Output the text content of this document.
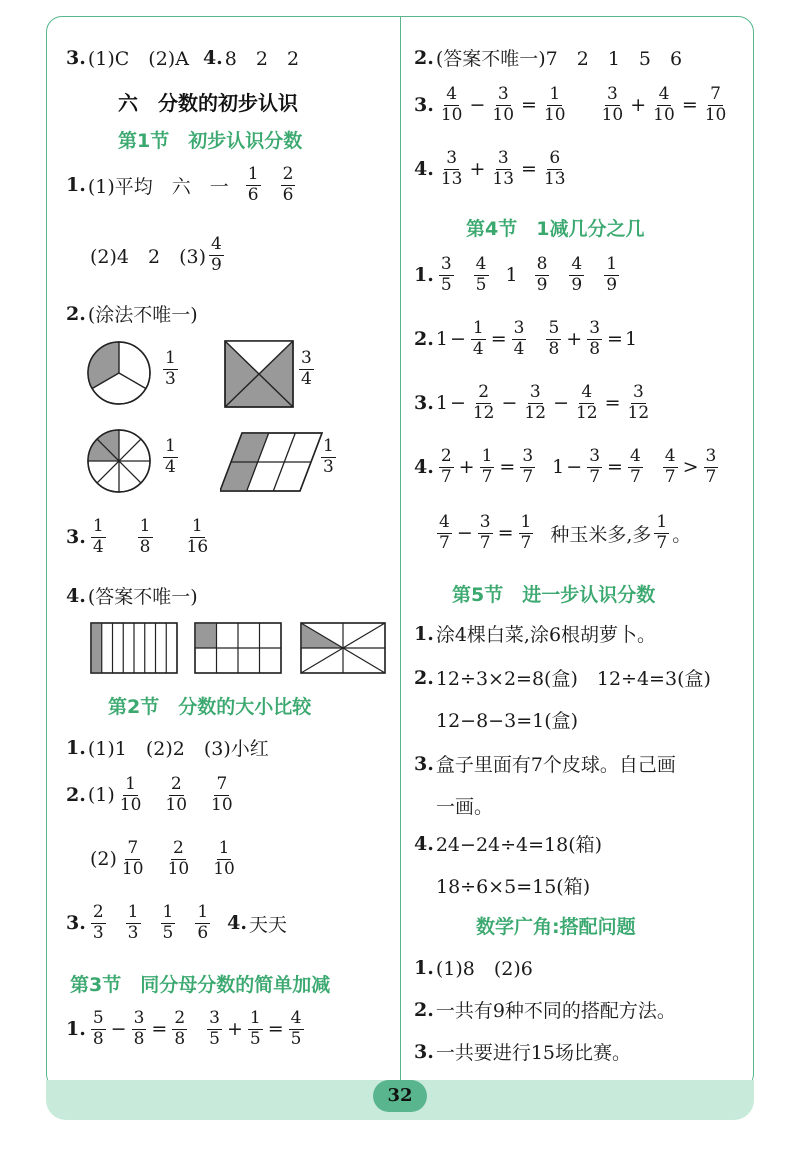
32
3. (1)C　(2)A 4. 8　2　2
六　分数的初步认识
第1节　初步认识分数
1. (1)平均　六　一 $\frac{1}{6} \frac{2}{6}$
(2)4　2　$(3) \frac{4}{9}$
2. (涂法不唯一)
$\frac{1}{3}$	$\frac{3}{4}$
$\frac{1}{4}$	$\frac{1}{3}$
3. $\frac{1}{4} \frac{1}{8} \frac{1}{16}$
4. (答案不唯一)
第2节　分数的大小比较
1. (1)1　(2)2　(3)小红
2. $(1) \frac{1}{10} \frac{2}{10} \frac{7}{10}$
$(2) \frac{7}{10} \frac{2}{10} \frac{1}{10}$
3. $\frac{2}{3} \frac{1}{3} \frac{1}{5} \frac{1}{6} 4$. 天天
第3节　同分母分数的简单加减
1. $\frac{5}{8} - \frac{3}{8} = \frac{2}{8} \frac{3}{5} + \frac{1}{5} = \frac{4}{5}$
2. (答案不唯一)7　2　1　5　6
3. $\frac{4}{10} - \frac{3}{10} = \frac{1}{10} \frac{3}{10} + \frac{4}{10} = \frac{7}{10}$
4. $\frac{3}{13} + \frac{3}{13} = \frac{6}{13}$
第4节　1减几分之几
1. $\frac{3}{5} \frac{4}{5} 1 \frac{8}{9} \frac{4}{9} \frac{1}{9}$
2. $1 - \frac{1}{4} = \frac{3}{4} \frac{5}{8} + \frac{3}{8} = 1$
3. $1 - \frac{2}{12} - \frac{3}{12} - \frac{4}{12} = \frac{3}{12}$
4. $\frac{2}{7} + \frac{1}{7} = \frac{3}{7} 1 - \frac{3}{7} = \frac{4}{7} \frac{4}{7} > \frac{3}{7}$
$\frac{4}{7} - \frac{3}{7} = \frac{1}{7}$ 种玉米多,多 $\frac{1}{7}$ 。
第5节　进一步认识分数
1. 涂4棵白菜,涂6根胡萝卜。
2. 12÷3×2=8(盒)　12÷4=3(盒)
12−8−3=1(盒)
3. 盒子里面有7个皮球。自己画
一画。
4. 24−24÷4=18(箱)
18÷6×5=15(箱)
数学广角:搭配问题
1. (1)8　(2)6
2. 一共有9种不同的搭配方法。
3. 一共要进行15场比赛。
